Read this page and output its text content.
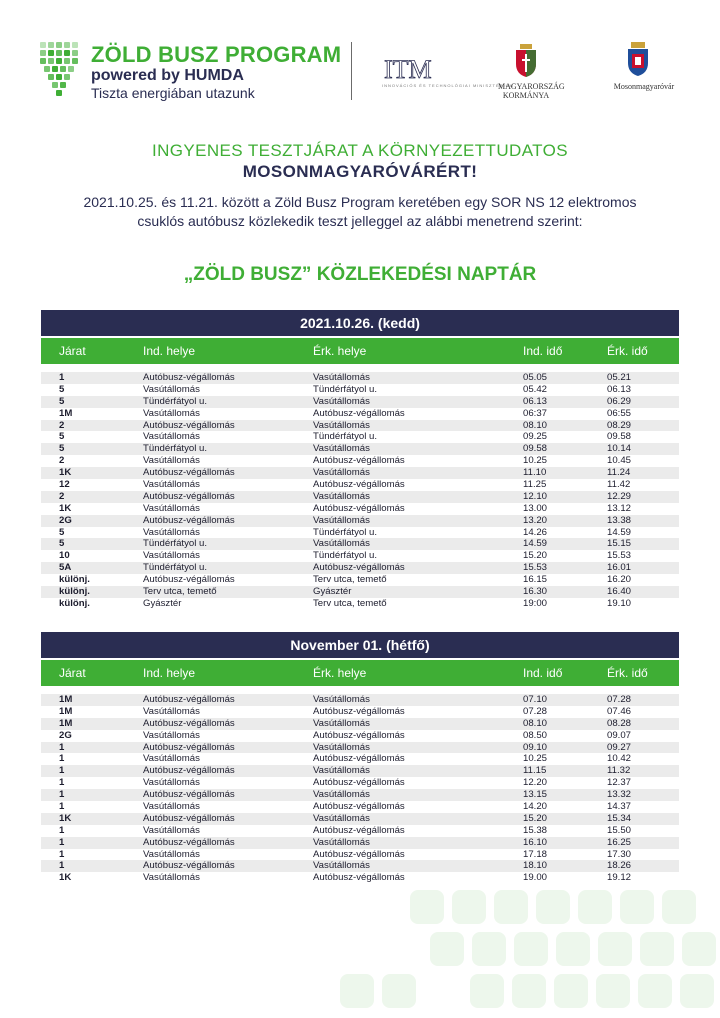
ZÖLD BUSZ PROGRAM
powered by HUMDA
Tiszta energiában utazunk
ITM
INNOVÁCIÓS ÉS TECHNOLÓGIAI MINISZTÉRIUM
MAGYARORSZÁG
KORMÁNYA
Mosonmagyaróvár
INGYENES TESZTJÁRAT A KÖRNYEZETTUDATOS
MOSONMAGYARÓVÁRÉRT!
2021.10.25. és 11.21. között a Zöld Busz Program keretében egy SOR NS 12 elektromos
csuklós autóbusz közlekedik teszt jelleggel az alábbi menetrend szerint:
„ZÖLD BUSZ” KÖZLEKEDÉSI NAPTÁR
2021.10.26. (kedd)
Járat	Ind. helye	Érk. helye	Ind. idő	Érk. idő
1	Autóbusz-végállomás	Vasútállomás	05.05	05.21
5	Vasútállomás	Tündérfátyol u.	05.42	06.13
5	Tündérfátyol u.	Vasútállomás	06.13	06.29
1M	Vasútállomás	Autóbusz-végállomás	06:37	06:55
2	Autóbusz-végállomás	Vasútállomás	08.10	08.29
5	Vasútállomás	Tündérfátyol u.	09.25	09.58
5	Tündérfátyol u.	Vasútállomás	09.58	10.14
2	Vasútállomás	Autóbusz-végállomás	10.25	10.45
1K	Autóbusz-végállomás	Vasútállomás	11.10	11.24
12	Vasútállomás	Autóbusz-végállomás	11.25	11.42
2	Autóbusz-végállomás	Vasútállomás	12.10	12.29
1K	Vasútállomás	Autóbusz-végállomás	13.00	13.12
2G	Autóbusz-végállomás	Vasútállomás	13.20	13.38
5	Vasútállomás	Tündérfátyol u.	14.26	14.59
5	Tündérfátyol u.	Vasútállomás	14.59	15.15
10	Vasútállomás	Tündérfátyol u.	15.20	15.53
5A	Tündérfátyol u.	Autóbusz-végállomás	15.53	16.01
különj.	Autóbusz-végállomás	Terv utca, temető	16.15	16.20
különj.	Terv utca, temető	Gyásztér	16.30	16.40
különj.	Gyásztér	Terv utca, temető	19:00	19.10
November 01. (hétfő)
Járat	Ind. helye	Érk. helye	Ind. idő	Érk. idő
1M	Autóbusz-végállomás	Vasútállomás	07.10	07.28
1M	Vasútállomás	Autóbusz-végállomás	07.28	07.46
1M	Autóbusz-végállomás	Vasútállomás	08.10	08.28
2G	Vasútállomás	Autóbusz-végállomás	08.50	09.07
1	Autóbusz-végállomás	Vasútállomás	09.10	09.27
1	Vasútállomás	Autóbusz-végállomás	10.25	10.42
1	Autóbusz-végállomás	Vasútállomás	11.15	11.32
1	Vasútállomás	Autóbusz-végállomás	12.20	12.37
1	Autóbusz-végállomás	Vasútállomás	13.15	13.32
1	Vasútállomás	Autóbusz-végállomás	14.20	14.37
1K	Autóbusz-végállomás	Vasútállomás	15.20	15.34
1	Vasútállomás	Autóbusz-végállomás	15.38	15.50
1	Autóbusz-végállomás	Vasútállomás	16.10	16.25
1	Vasútállomás	Autóbusz-végállomás	17.18	17.30
1	Autóbusz-végállomás	Vasútállomás	18.10	18.26
1K	Vasútállomás	Autóbusz-végállomás	19.00	19.12
